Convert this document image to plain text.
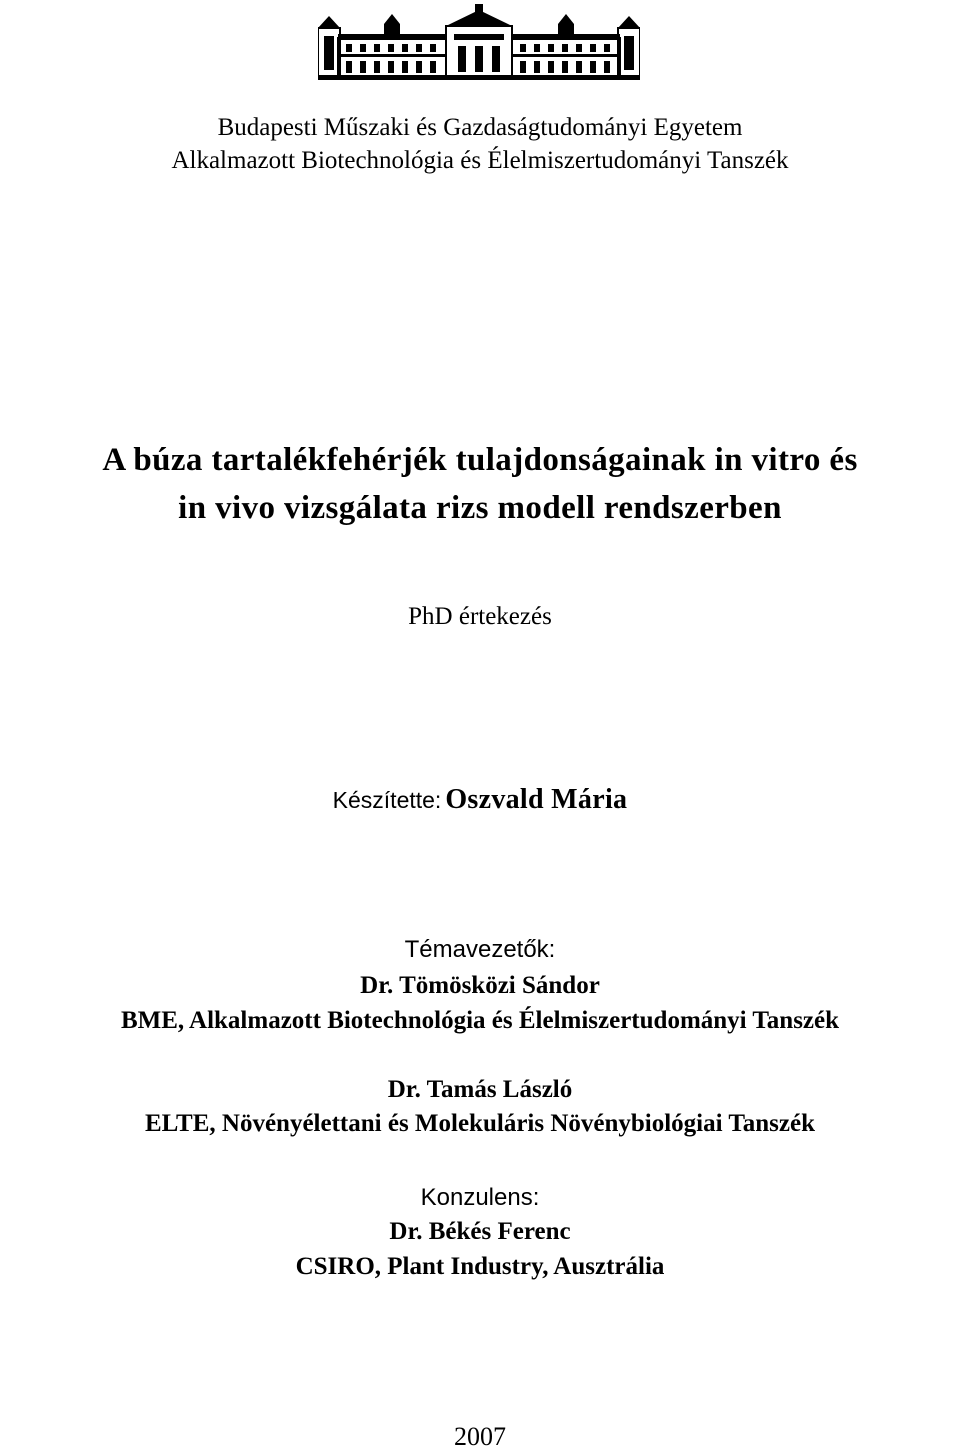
Budapesti Műszaki és Gazdaságtudományi Egyetem
Alkalmazott Biotechnológia és Élelmiszertudományi Tanszék
A búza tartalékfehérjék tulajdonságainak in vitro és
in vivo vizsgálata rizs modell rendszerben
PhD értekezés
Készítette: Oszvald Mária
Témavezetők:
Dr. Tömösközi Sándor
BME, Alkalmazott Biotechnológia és Élelmiszertudományi Tanszék
Dr. Tamás László
ELTE, Növényélettani és Molekuláris Növénybiológiai Tanszék
Konzulens:
Dr. Békés Ferenc
CSIRO, Plant Industry, Ausztrália
2007
